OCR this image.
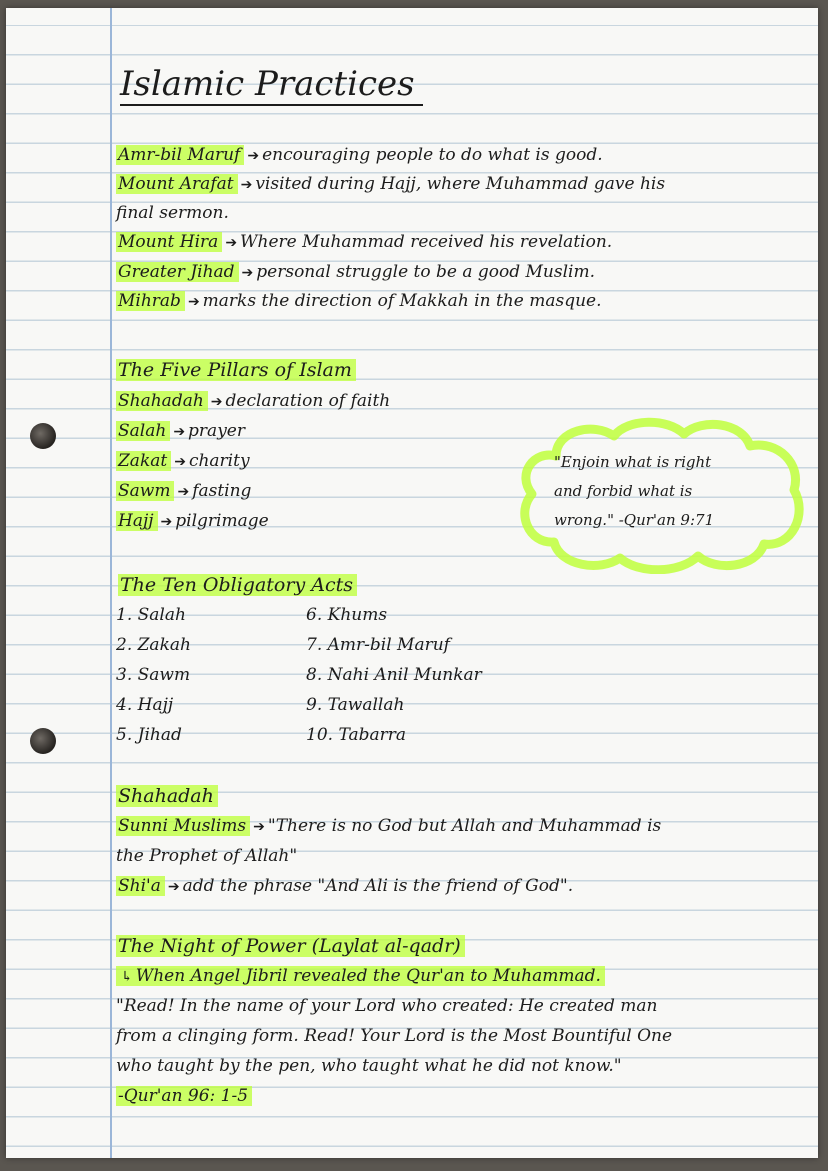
Islamic Practices
Amr-bil Maruf ➔ encouraging people to do what is good.
Mount Arafat ➔ visited during Hajj, where Muhammad gave his
final sermon.
Mount Hira ➔ Where Muhammad received his revelation.
Greater Jihad ➔ personal struggle to be a good Muslim.
Mihrab ➔ marks the direction of Makkah in the masque.
The Five Pillars of Islam
Shahadah ➔ declaration of faith
Salah ➔ prayer
Zakat ➔ charity
Sawm ➔ fasting
Hajj ➔ pilgrimage
"Enjoin what is right
and forbid what is
wrong." -Qur'an 9:71
The Ten Obligatory Acts
1. Salah
2. Zakah
3. Sawm
4. Hajj
5. Jihad
6. Khums
7. Amr-bil Maruf
8. Nahi Anil Munkar
9. Tawallah
10. Tabarra
Shahadah
Sunni Muslims ➔ "There is no God but Allah and Muhammad is
the Prophet of Allah"
Shi'a ➔ add the phrase "And Ali is the friend of God".
The Night of Power (Laylat al-qadr)
↳ When Angel Jibril revealed the Qur'an to Muhammad.
"Read! In the name of your Lord who created: He created man
from a clinging form. Read! Your Lord is the Most Bountiful One
who taught by the pen, who taught what he did not know."
-Qur'an 96: 1-5
